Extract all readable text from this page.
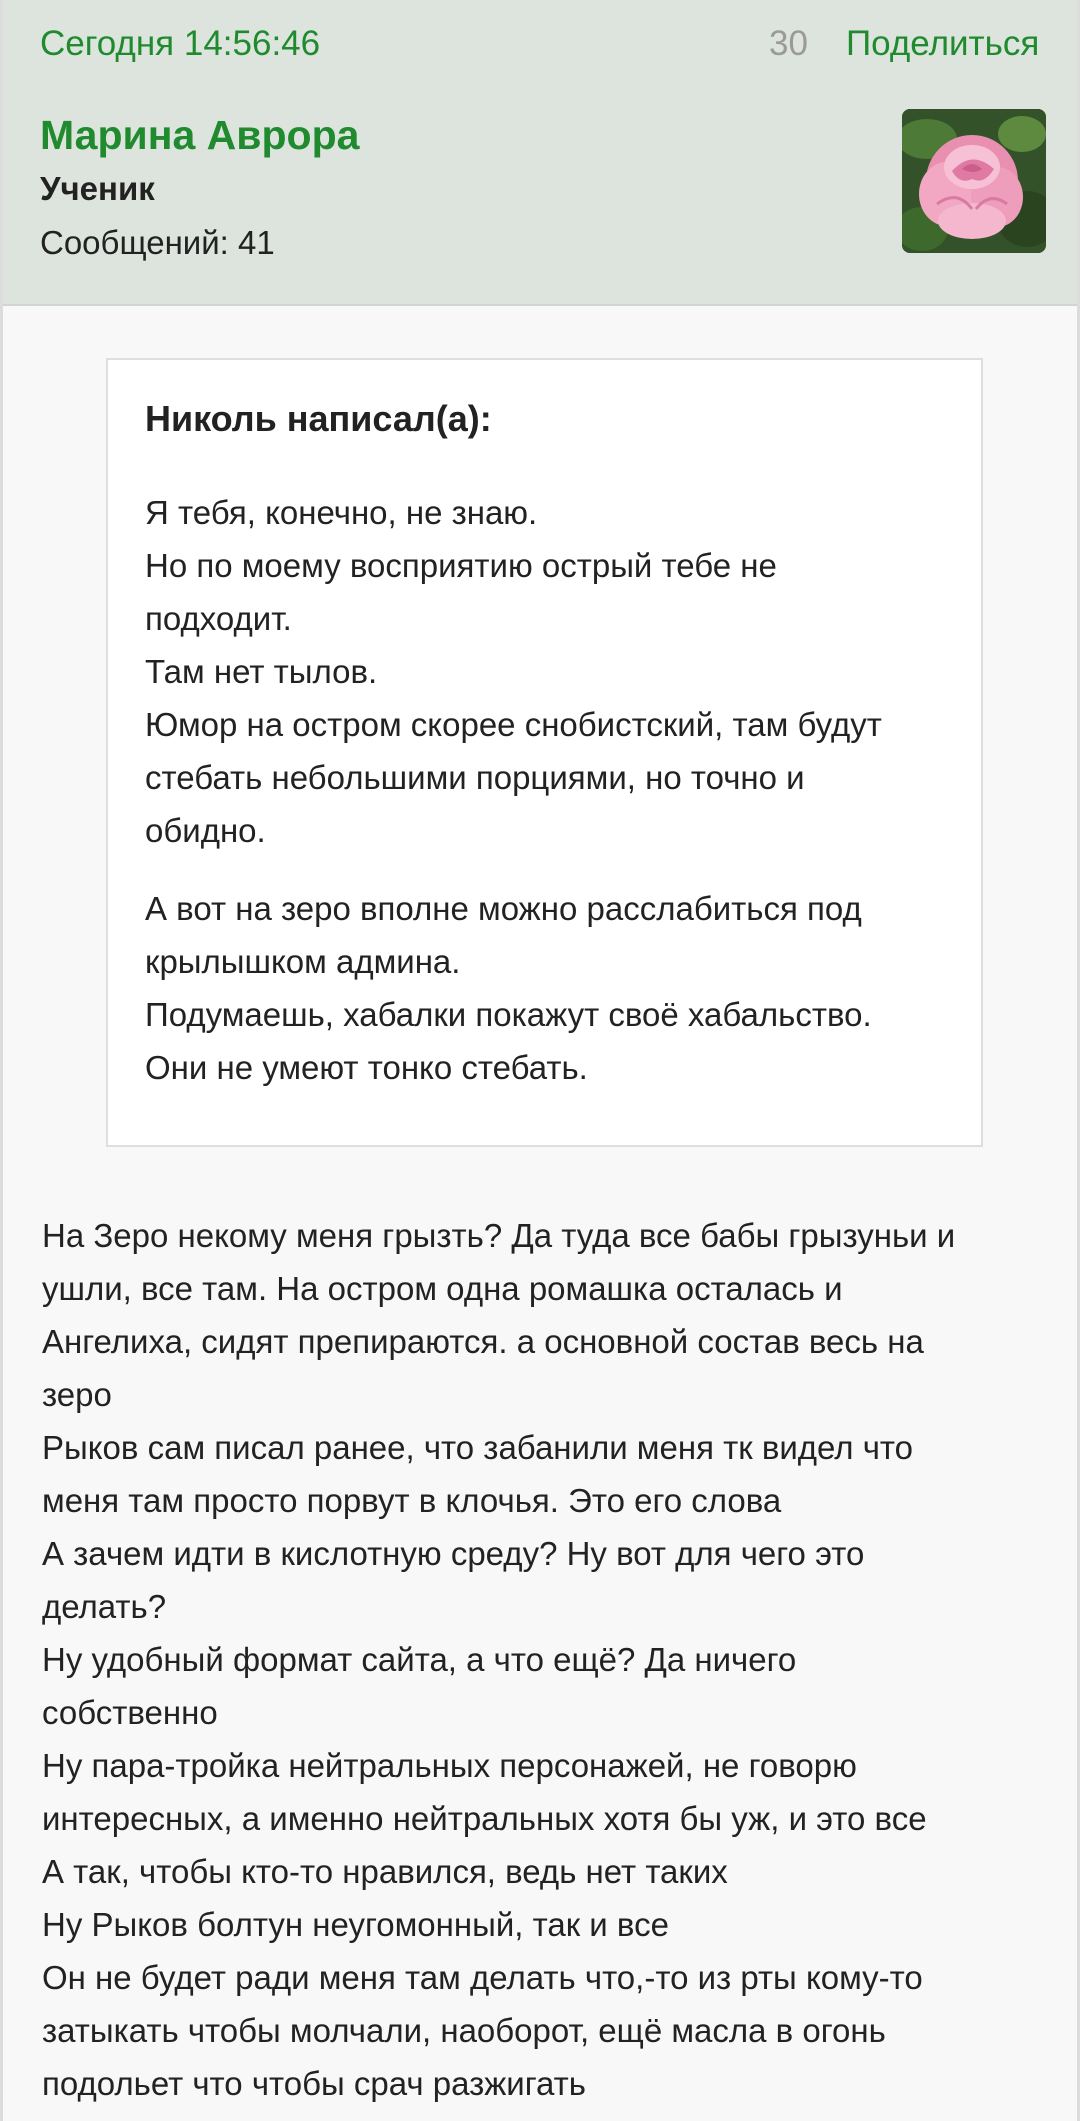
Сегодня 14:56:46	30 Поделиться
Марина Аврора
Ученик
Сообщений: 41
Николь написал(а):
Я тебя, конечно, не знаю.
Но по моему восприятию острый тебе не
подходит.
Там нет тылов.
Юмор на остром скорее снобистский, там будут
стебать небольшими порциями, но точно и
обидно.
А вот на зеро вполне можно расслабиться под
крылышком админа.
Подумаешь, хабалки покажут своё хабальство.
Они не умеют тонко стебать.
На Зеро некому меня грызть? Да туда все бабы грызуньи и
ушли, все там. На остром одна ромашка осталась и
Ангелиха, сидят препираются. а основной состав весь на
зеро
Рыков сам писал ранее, что забанили меня тк видел что
меня там просто порвут в клочья. Это его слова
А зачем идти в кислотную среду? Ну вот для чего это
делать?
Ну удобный формат сайта, а что ещё? Да ничего
собственно
Ну пара-тройка нейтральных персонажей, не говорю
интересных, а именно нейтральных хотя бы уж, и это все
А так, чтобы кто-то нравился, ведь нет таких
Ну Рыков болтун неугомонный, так и все
Он не будет ради меня там делать что,-то из рты кому-то
затыкать чтобы молчали, наоборот, ещё масла в огонь
подольет что чтобы срач разжигать
